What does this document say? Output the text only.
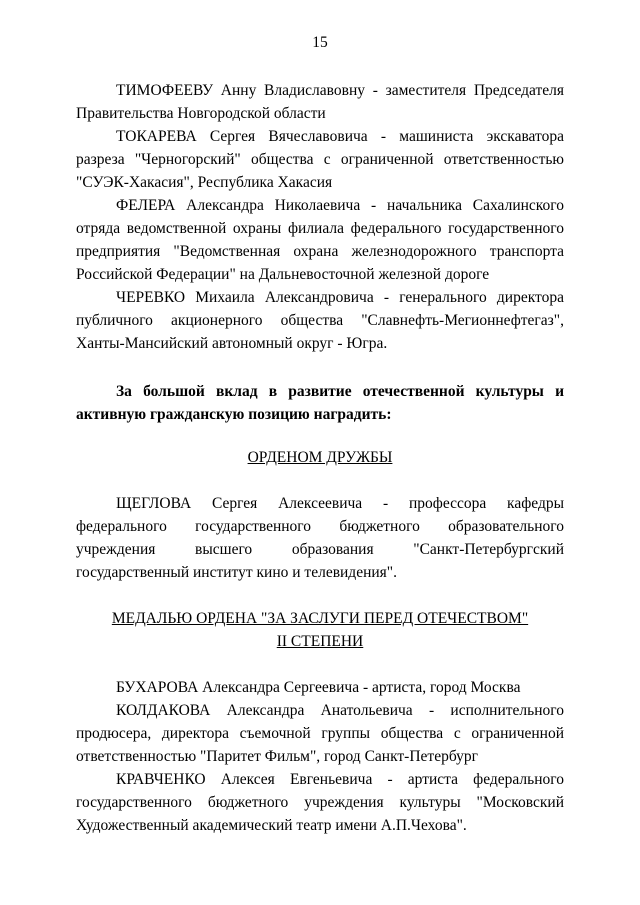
15

ТИМОФЕЕВУ Анну Владиславовну - заместителя Председателя Правительства Новгородской области

ТОКАРЕВА Сергея Вячеславовича - машиниста экскаватора разреза "Черногорский" общества с ограниченной ответственностью "СУЭК-Хакасия", Республика Хакасия

ФЕЛЕРА Александра Николаевича - начальника Сахалинского отряда ведомственной охраны филиала федерального государственного предприятия "Ведомственная охрана железнодорожного транспорта Российской Федерации" на Дальневосточной железной дороге

ЧЕРЕВКО Михаила Александровича - генерального директора публичного акционерного общества "Славнефть-Мегионнефтегаз", Ханты-Мансийский автономный округ - Югра.

За большой вклад в развитие отечественной культуры и активную гражданскую позицию наградить:

ОРДЕНОМ ДРУЖБЫ

ЩЕГЛОВА Сергея Алексеевича - профессора кафедры федерального государственного бюджетного образовательного учреждения высшего образования "Санкт-Петербургский государственный институт кино и телевидения".

МЕДАЛЬЮ ОРДЕНА "ЗА ЗАСЛУГИ ПЕРЕД ОТЕЧЕСТВОМ"

II СТЕПЕНИ

БУХАРОВА Александра Сергеевича - артиста, город Москва

КОЛДАКОВА Александра Анатольевича - исполнительного продюсера, директора съемочной группы общества с ограниченной ответственностью "Паритет Фильм", город Санкт-Петербург

КРАВЧЕНКО Алексея Евгеньевича - артиста федерального государственного бюджетного учреждения культуры "Московский Художественный академический театр имени А.П.Чехова".
